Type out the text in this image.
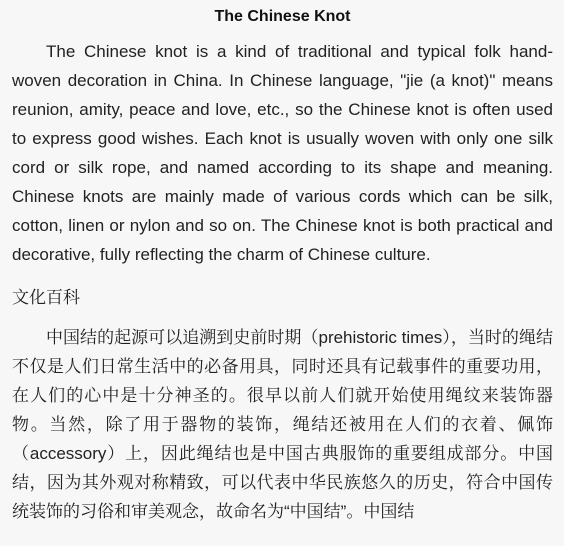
The Chinese Knot

The Chinese knot is a kind of traditional and typical folk hand-woven decoration in China. In Chinese language, "jie (a knot)" means reunion, amity, peace and love, etc., so the Chinese knot is often used to express good wishes. Each knot is usually woven with only one silk cord or silk rope, and named according to its shape and meaning. Chinese knots are mainly made of various cords which can be silk, cotton, linen or nylon and so on. The Chinese knot is both practical and decorative, fully reflecting the charm of Chinese culture.

文化百科

中国结的起源可以追溯到史前时期（prehistoric times），当时的绳结不仅是人们日常生活中的必备用具，同时还具有记载事件的重要功用，在人们的心中是十分神圣的。很早以前人们就开始使用绳纹来装饰器物。当然，除了用于器物的装饰，绳结还被用在人们的衣着、佩饰（accessory）上，因此绳结也是中国古典服饰的重要组成部分。中国结，因为其外观对称精致，可以代表中华民族悠久的历史，符合中国传统装饰的习俗和审美观念，故命名为“中国结”。中国结
